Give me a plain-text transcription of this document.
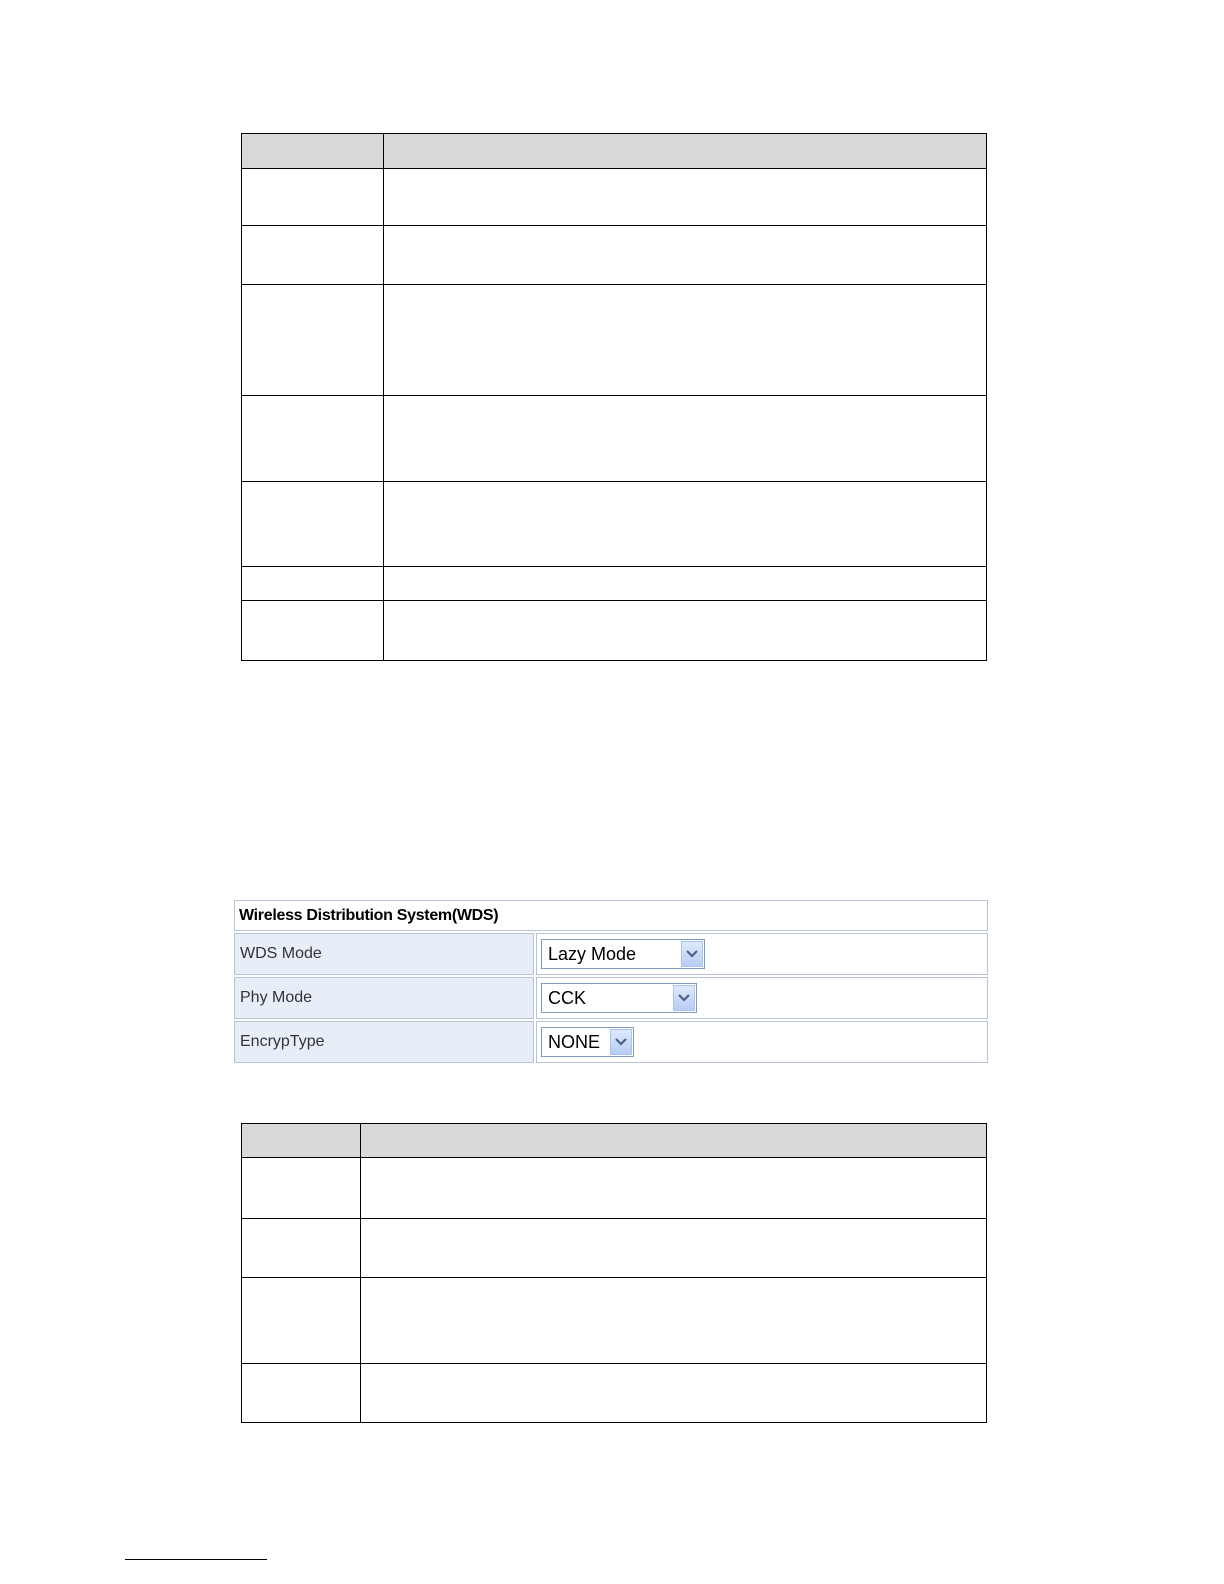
Wireless Distribution System(WDS)
WDS Mode	Lazy Mode
Phy Mode	CCK
EncrypType	NONE
